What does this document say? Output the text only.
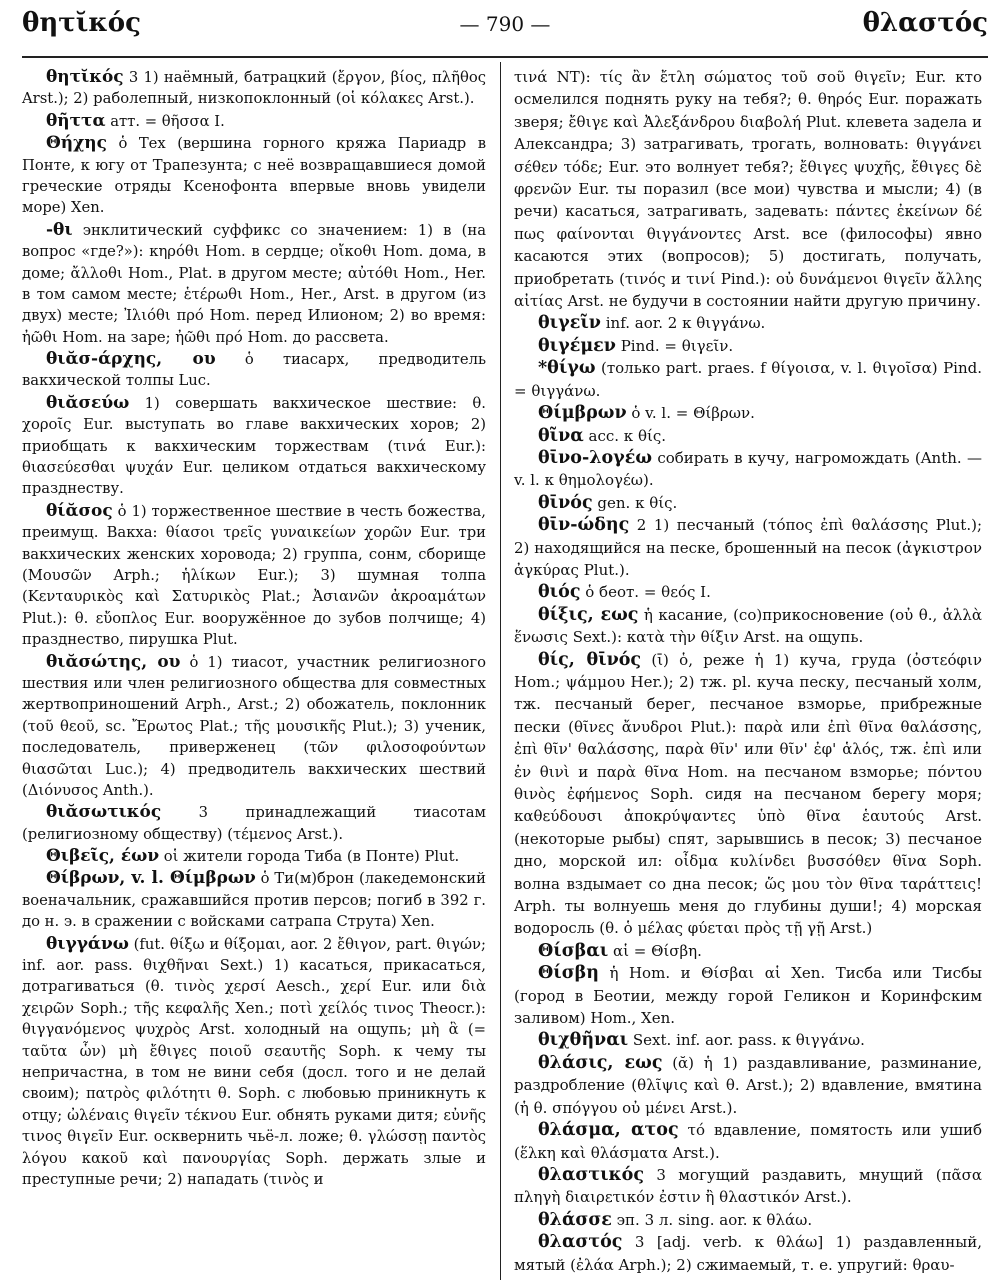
θητῐκός	— 790 —	θλαστός

θητῐκός 3 1) наёмный, батрацкий (ἔργον, βίος, πλῆθος Arst.); 2) раболепный, низкопоклонный (οἱ κόλακες Arst.).

θῆττα атт. = θῆσσα I.

Θήχης ὁ Тех (вершина горного кряжа Париадр в Понте, к югу от Трапезунта; с неё возвращавшиеся домой греческие отряды Ксенофонта впервые вновь увидели море) Xen.

-θι энклитический суффикс со значением: 1) в (на вопрос «где?»): κηρόθι Hom. в сердце; οἴκοθι Hom. дома, в доме; ἄλλοθι Hom., Plat. в другом месте; αὐτόθι Hom., Her. в том самом месте; ἑτέρωθι Hom., Her., Arst. в другом (из двух) месте; Ἰλιόθι πρό Hom. перед Илионом; 2) во время: ἠῶθι Hom. на заре; ἠῶθι πρό Hom. до рассвета.

θιᾰσ-άρχης, ου ὁ тиасарх, предводитель вакхической толпы Luc.

θιᾰσεύω 1) совершать вакхическое шествие: θ. χοροῖς Eur. выступать во главе вакхических хоров; 2) приобщать к вакхическим торжествам (τινά Eur.): θιασεύεσθαι ψυχάν Eur. целиком отдаться вакхическому празднеству.

θίᾰσος ὁ 1) торжественное шествие в честь божества, преимущ. Вакха: θίασοι τρεῖς γυναικείων χορῶν Eur. три вакхических женских хоровода; 2) группа, сонм, сборище (Μουσῶν Arph.; ἡλίκων Eur.); 3) шумная толпа (Κενταυρικὸς καὶ Σατυρικὸς Plat.; Ἀσιανῶν ἀκροαμάτων Plut.): θ. εὔοπλος Eur. вооружённое до зубов полчище; 4) празднество, пирушка Plut.

θιᾰσώτης, ου ὁ 1) тиасот, участник религиозного шествия или член религиозного общества для совместных жертвоприношений Arph., Arst.; 2) обожатель, поклонник (τοῦ θεοῦ, sc. Ἔρωτος Plat.; τῆς μουσικῆς Plut.); 3) ученик, последователь, приверженец (τῶν φιλοσοφούντων θιασῶται Luc.); 4) предводитель вакхических шествий (Διόνυσος Anth.).

θιᾰσωτικός	3 принадлежащий тиасотам (религиозному обществу) (τέμενος Arst.).

Θιβεῖς, έων οἱ жители города Тиба (в Понте) Plut.

Θίβρων, v. l. Θίμβρων ὁ Ти(м)брон (лакедемонский военачальник, сражавшийся против персов; погиб в 392 г. до н. э. в сражении с войсками сатрапа Струта) Xen.

θιγγάνω (fut. θίξω и θίξομαι, aor. 2 ἔθιγον, part. θιγών; inf. aor. pass. θιχθῆναι Sext.) 1) касаться, прикасаться, дотрагиваться (θ. τινὸς χερσί Aesch., χερί Eur. или διὰ χειρῶν Soph.; τῆς κεφαλῆς Xen.; ποτὶ χείλός τινος Theocr.): θιγγανόμενος ψυχρὸς Arst. холодный на ощупь; μὴ ἃ (= ταῦτα ὧν) μὴ ἔθιγες ποιοῦ σεαυτῆς Soph. к чему ты непричастна, в том не вини себя (досл. того и не делай своим); πατρὸς φιλότητι θ. Soph. с любовью приникнуть к отцу; ὠλέναις θιγεῖν τέκνου Eur. обнять руками дитя; εὐνῆς τινος θιγεῖν Eur. осквернить чьё-л. ложе; θ. γλώσσῃ παντὸς λόγου κακοῦ καὶ πανουργίας Soph. держать злые и преступные речи; 2) нападать (τινὸς и

τινά NT): τίς ἂν ἔτλη σώματος τοῦ σοῦ θιγεῖν; Eur. кто осмелился поднять руку на тебя?; θ. θηρός Eur. поражать зверя; ἔθιγε καὶ Ἀλεξάνδρου διαβολή Plut. клевета задела и Александра; 3) затрагивать, трогать, волновать: θιγγάνει σέθεν τόδε; Eur. это волнует тебя?; ἔθιγες ψυχῆς, ἔθιγες δὲ φρενῶν Eur. ты поразил (все мои) чувства и мысли; 4) (в речи) касаться, затрагивать, задевать: πάντες ἐκείνων δέ πως φαίνονται θιγγάνοντες Arst. все (философы) явно касаются этих (вопросов); 5) достигать, получать, приобретать (τινός и τινί Pind.): οὐ δυνάμενοι θιγεῖν ἄλλης αἰτίας Arst. не будучи в состоянии найти другую причину.

θιγεῖν inf. aor. 2 к θιγγάνω.

θιγέμεν Pind. = θιγεῖν.

*θίγω (только part. praes. f θίγοισα, v. l. θιγοῖσα) Pind. = θιγγάνω.

Θίμβρων ὁ v. l. = Θίβρων.

θῖνα acc. к θίς.

θῑνο-λογέω собирать в кучу, нагромождать (Anth. — v. l. к θημολογέω).

θῑνός gen. к θίς.

θῑν-ώδης 2 1) песчаный (τόπος ἐπὶ θαλάσσης Plut.); 2) находящийся на песке, брошенный на песок (ἀγκιστρον ἀγκύρας Plut.).

θιός ὁ беот. = θεός I.

θίξις, εως ἡ касание, (со)прикосновение (οὐ θ., ἀλλὰ ἕνωσις Sext.): κατὰ τὴν θίξιν Arst. на ощупь.

θίς, θῑνός (ῑ) ὁ, реже ἡ 1) куча, груда (ὀστεόφιν Hom.; ψάμμου Her.); 2) тж. pl. куча песку, песчаный холм, тж. песчаный берег, песчаное взморье, прибрежные пески (θῖνες ἄνυδροι Plut.): παρὰ или ἐπὶ θῖνα θαλάσσης, ἐπὶ θῖν' θαλάσσης, παρὰ θῖν' или θῖν' ἐφ' ἁλός, тж. ἐπὶ или ἐν θινὶ и παρὰ θῖνα Hom. на песчаном взморье; πόντου θινὸς ἐφήμενος Soph. сидя на песчаном берегу моря; καθεύδουσι ἀποκρύψαντες ὑπὸ θῖνα ἑαυτούς Arst. (некоторые рыбы) спят, зарывшись в песок; 3) песчаное дно, морской ил: οἶδμα κυλίνδει βυσσόθεν θῖνα Soph. волна вздымает со дна песок; ὥς μου τὸν θῖνα ταράττεις! Arph. ты волнуешь меня до глубины души!; 4) морская водоросль (θ. ὁ μέλας φύεται πρὸς τῇ γῇ Arst.)

Θίσβαι αἱ = Θίσβη.

Θίσβη ἡ Hom. и Θίσβαι αἱ Xen. Тисба или Тисбы (город в Беотии, между горой Геликон и Коринфским заливом) Hom., Xen.

θιχθῆναι Sext. inf. aor. pass. к θιγγάνω.

θλάσις, εως (ᾰ) ἡ 1) раздавливание, разминание, раздробление (θλῖψις καὶ θ. Arst.); 2) вдавление, вмятина (ἡ θ. σπόγγου οὐ μένει Arst.).

θλάσμα, ατος τό вдавление, помятость или ушиб (ἕλκη καὶ θλάσματα Arst.).

θλαστικός 3 могущий раздавить, мнущий (πᾶσα πληγὴ διαιρετικόν ἐστιν ἢ θλαστικόν Arst.).

θλάσσε эп. 3 л. sing. aor. к θλάω.

θλαστός 3 [adj. verb. к θλάω] 1) раздавленный, мятый (ἐλάα Arph.); 2) сжимаемый, т. е. упругий: θραυ-
